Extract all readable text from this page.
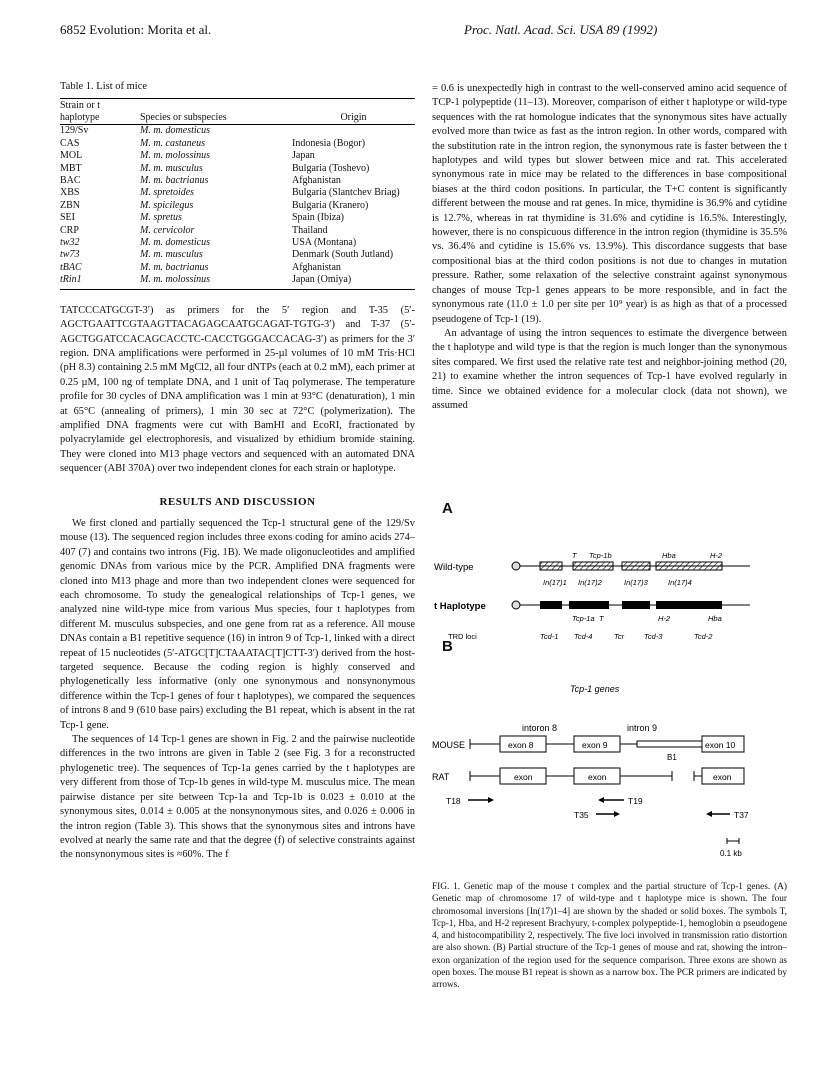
6852 Evolution: Morita et al.	Proc. Natl. Acad. Sci. USA 89 (1992)
Table 1. List of mice
Strain or t haplotype	Species or subspecies	Origin
129/Sv	M. m. domesticus	
CAS	M. m. castaneus	Indonesia (Bogor)
MOL	M. m. molossinus	Japan
MBT	M. m. musculus	Bulgaria (Toshevo)
BAC	M. m. bactrianus	Afghanistan
XBS	M. spretoides	Bulgaria (Slantchev Briag)
ZBN	M. spicilegus	Bulgaria (Kranero)
SEI	M. spretus	Spain (Ibiza)
CRP	M. cervicolor	Thailand
tw32	M. m. domesticus	USA (Montana)
tw73	M. m. musculus	Denmark (South Jutland)
tBAC	M. m. bactrianus	Afghanistan
tRin1	M. m. molossinus	Japan (Omiya)

TATCCCATGCGT-3′) as primers for the 5′ region and T-35 (5′-AGCTGAATTCGTAAGTTACAGAGCAATGCAGAT-TGTG-3′) and T-37 (5′-AGCTGGATCCACAGCACCTC-CACCTGGGACCACAG-3′) as primers for the 3′ region. DNA amplifications were performed in 25-µl volumes of 10 mM Tris·HCl (pH 8.3) containing 2.5 mM MgCl2, all four dNTPs (each at 0.2 mM), each primer at 0.25 µM, 100 ng of template DNA, and 1 unit of Taq polymerase. The temperature profile for 30 cycles of DNA amplification was 1 min at 93°C (denaturation), 1 min at 65°C (annealing of primers), 1 min 30 sec at 72°C (polymerization). The amplified DNA fragments were cut with BamHI and EcoRI, fractionated by polyacrylamide gel electrophoresis, and visualized by ethidium bromide staining. They were cloned into M13 phage vectors and sequenced with an automated DNA sequencer (ABI 370A) over two independent clones for each strain or haplotype.

RESULTS AND DISCUSSION

We first cloned and partially sequenced the Tcp-1 structural gene of the 129/Sv mouse (13). The sequenced region includes three exons coding for amino acids 274–407 (7) and contains two introns (Fig. 1B). We made oligonucleotides and amplified genomic DNAs from various mice by the PCR. Amplified DNA fragments were cloned into M13 phage and more than two independent clones were sequenced for each chromosome. To study the genealogical relationships of Tcp-1 genes, we analyzed nine wild-type mice from various Mus species, four t haplotypes from different M. musculus subspecies, and one gene from rat as a reference. All mouse DNAs contain a B1 repetitive sequence (16) in intron 9 of Tcp-1, linked with a direct repeat of 15 nucleotides (5′-ATGC[T]CTAAATAC[T]CTT-3′) derived from the host-targeted sequence. Because the coding region is highly conserved and phylogenetically less informative (only one synonymous and nonsynonymous difference within the Tcp-1 genes of four t haplotypes), we compared the sequences of introns 8 and 9 (610 base pairs) excluding the B1 repeat, which is absent in the rat Tcp-1 gene.

The sequences of 14 Tcp-1 genes are shown in Fig. 2 and the pairwise nucleotide differences in the two introns are given in Table 2 (see Fig. 3 for a reconstructed phylogenetic tree). The sequences of Tcp-1a genes carried by the t haplotypes are very different from those of Tcp-1b genes in wild-type M. musculus mice. The mean pairwise distance per site between Tcp-1a and Tcp-1b is 0.023 ± 0.010 at the synonymous sites, 0.014 ± 0.005 at the nonsynonymous sites, and 0.026 ± 0.006 in the intron region (Table 3). This shows that the synonymous sites and introns have evolved at nearly the same rate and that the degree (f) of selective constraints against the nonsynonymous sites is ≈60%. The f

= 0.6 is unexpectedly high in contrast to the well-conserved amino acid sequence of TCP-1 polypeptide (11–13). Moreover, comparison of either t haplotype or wild-type sequences with the rat homologue indicates that the synonymous sites have actually evolved more than twice as fast as the intron region. In other words, compared with the substitution rate in the intron region, the synonymous rate is faster between the t haplotypes and wild types but slower between mice and rat. This accelerated synonymous rate in mice may be related to the differences in base compositional biases at the third codon positions. In particular, the T+C content is significantly different between the mouse and rat genes. In mice, thymidine is 36.9% and cytidine is 12.7%, whereas in rat thymidine is 31.6% and cytidine is 16.5%. Interestingly, however, there is no conspicuous difference in the intron region (thymidine is 35.5% vs. 36.4% and cytidine is 15.6% vs. 13.9%). This discordance suggests that base compositional bias at the third codon positions is not due to changes in mutation pressure. Rather, some relaxation of the selective constraint against synonymous changes of mouse Tcp-1 genes appears to be more responsible, and in fact the synonymous rate (11.0 ± 1.0 per site per 10⁹ year) is as high as that of a processed pseudogene of Tcp-1 (19).

An advantage of using the intron sequences to estimate the divergence between the t haplotype and wild type is that the region is much longer than the synonymous sites compared. We first used the relative rate test and neighbor-joining method (20, 21) to examine whether the intron sequences of Tcp-1 have evolved regularly in time. Since we obtained evidence for a molecular clock (data not shown), we assumed

A
B
Wild-type
T Tcp-1b	Hba	H-2
In(17)1 In(17)2	In(17)3	In(17)4
t Haplotype
Tcp-1a T	H-2	Hba
TRD loci	Tcd-1 Tcd-4	Tcr	Tcd-3	Tcd-2
Tcp-1 genes
intoron 8	intron 9
MOUSE	exon 8	exon 9
B1
exon 10
RAT	exon	exon	exon
T18	T19
T35	T37
0.1 kb
FIG. 1. Genetic map of the mouse t complex and the partial structure of Tcp-1 genes. (A) Genetic map of chromosome 17 of wild-type and t haplotype mice is shown. The four chromosomal inversions [In(17)1–4] are shown by the shaded or solid boxes. The symbols T, Tcp-1, Hba, and H-2 represent Brachyury, t-complex polypeptide-1, hemoglobin α pseudogene 4, and histocompatibility 2, respectively. The five loci involved in transmission ratio distortion are also shown. (B) Partial structure of the Tcp-1 genes of mouse and rat, showing the intron–exon organization of the region used for the sequence comparison. Three exons are shown as open boxes. The mouse B1 repeat is shown as a narrow box. The PCR primers are indicated by arrows.
